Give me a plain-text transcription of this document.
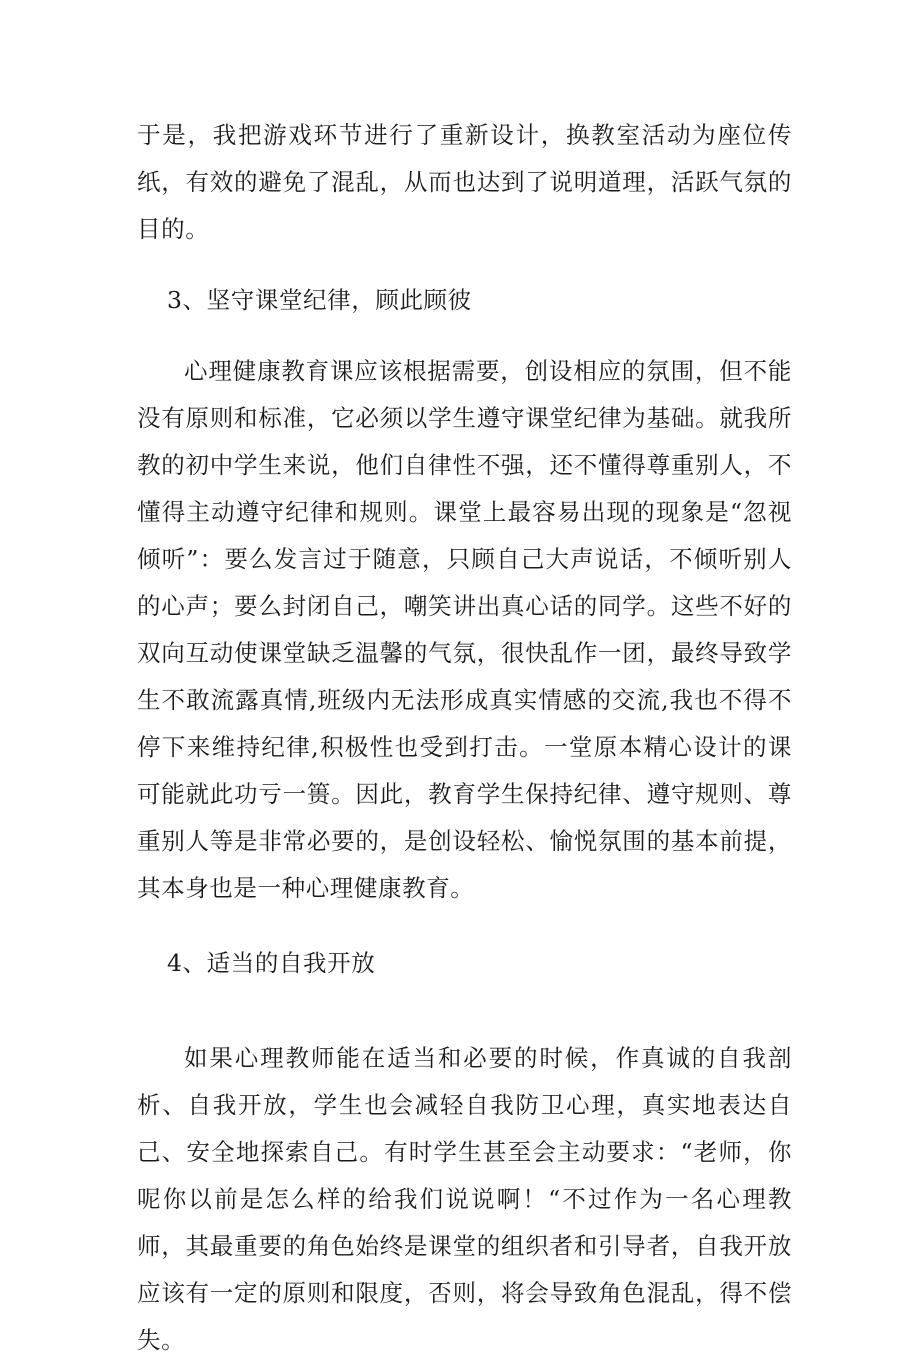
于是，我把游戏环节进行了重新设计，换教室活动为座位传纸，有效的避免了混乱，从而也达到了说明道理，活跃气氛的目的。

3、坚守课堂纪律，顾此顾彼

心理健康教育课应该根据需要，创设相应的氛围，但不能没有原则和标准，它必须以学生遵守课堂纪律为基础。就我所教的初中学生来说，他们自律性不强，还不懂得尊重别人，不懂得主动遵守纪律和规则。课堂上最容易出现的现象是“忽视倾听”：要么发言过于随意，只顾自己大声说话，不倾听别人的心声；要么封闭自己，嘲笑讲出真心话的同学。这些不好的双向互动使课堂缺乏温馨的气氛，很快乱作一团，最终导致学生不敢流露真情,班级内无法形成真实情感的交流,我也不得不停下来维持纪律,积极性也受到打击。一堂原本精心设计的课可能就此功亏一篑。因此，教育学生保持纪律、遵守规则、尊重别人等是非常必要的，是创设轻松、愉悦氛围的基本前提，其本身也是一种心理健康教育。

4、适当的自我开放

如果心理教师能在适当和必要的时候，作真诚的自我剖析、自我开放，学生也会减轻自我防卫心理，真实地表达自己、安全地探索自己。有时学生甚至会主动要求：“老师，你呢你以前是怎么样的给我们说说啊！“不过作为一名心理教师，其最重要的角色始终是课堂的组织者和引导者，自我开放应该有一定的原则和限度，否则，将会导致角色混乱，得不偿失。
